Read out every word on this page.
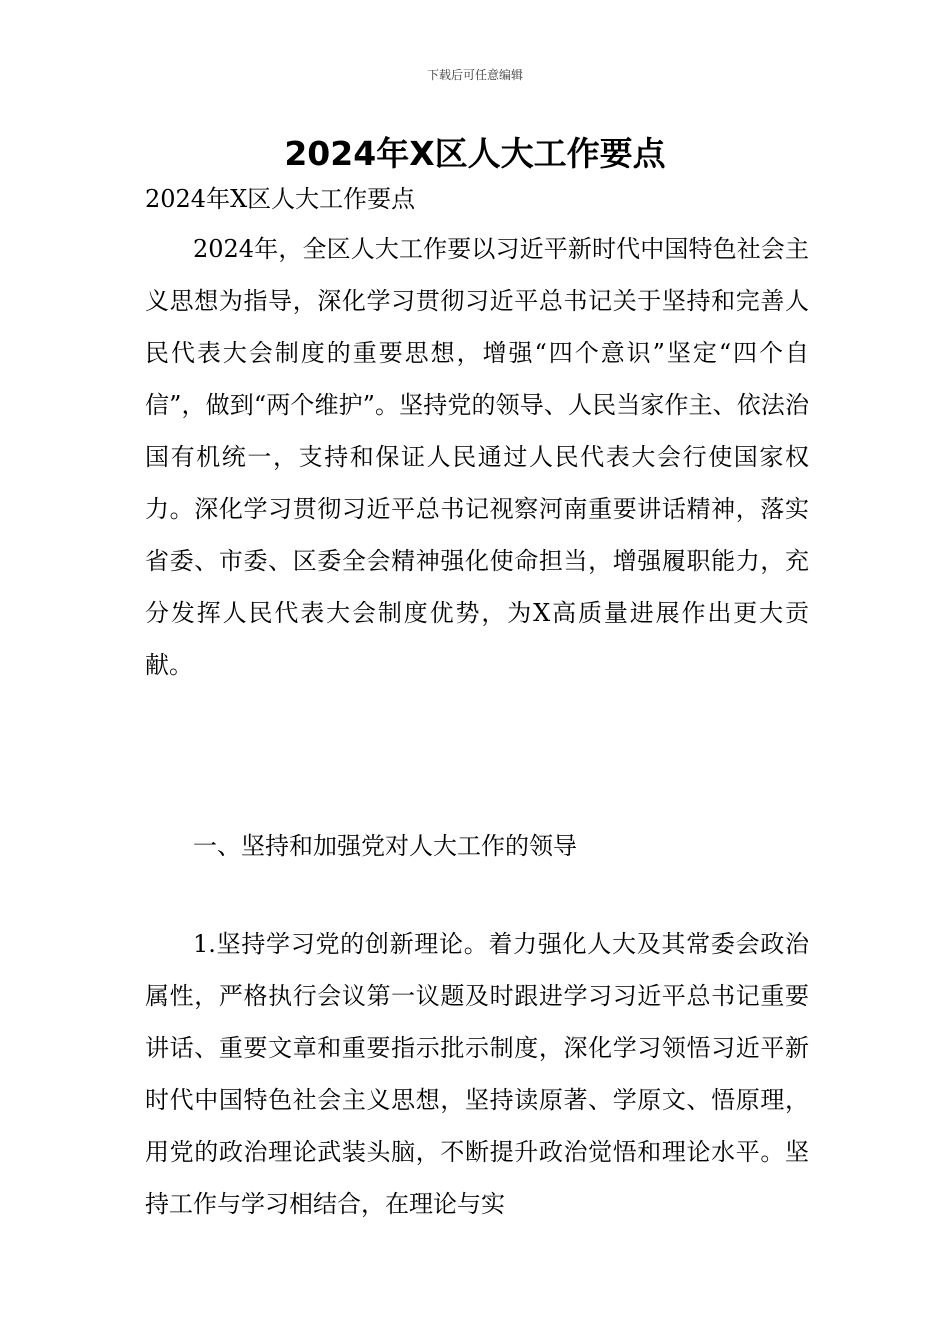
下载后可任意编辑
2024年X区人大工作要点
2024年X区人大工作要点

2024年，全区人大工作要以习近平新时代中国特色社会主义思想为指导，深化学习贯彻习近平总书记关于坚持和完善人民代表大会制度的重要思想，增强“四个意识”坚定“四个自信”，做到“两个维护”。坚持党的领导、人民当家作主、依法治国有机统一，支持和保证人民通过人民代表大会行使国家权力。深化学习贯彻习近平总书记视察河南重要讲话精神，落实省委、市委、区委全会精神强化使命担当，增强履职能力，充分发挥人民代表大会制度优势，为X高质量进展作出更大贡献。

一、坚持和加强党对人大工作的领导

1.坚持学习党的创新理论。着力强化人大及其常委会政治属性，严格执行会议第一议题及时跟进学习习近平总书记重要讲话、重要文章和重要指示批示制度，深化学习领悟习近平新时代中国特色社会主义思想，坚持读原著、学原文、悟原理，用党的政治理论武装头脑，不断提升政治觉悟和理论水平。坚持工作与学习相结合，在理论与实
